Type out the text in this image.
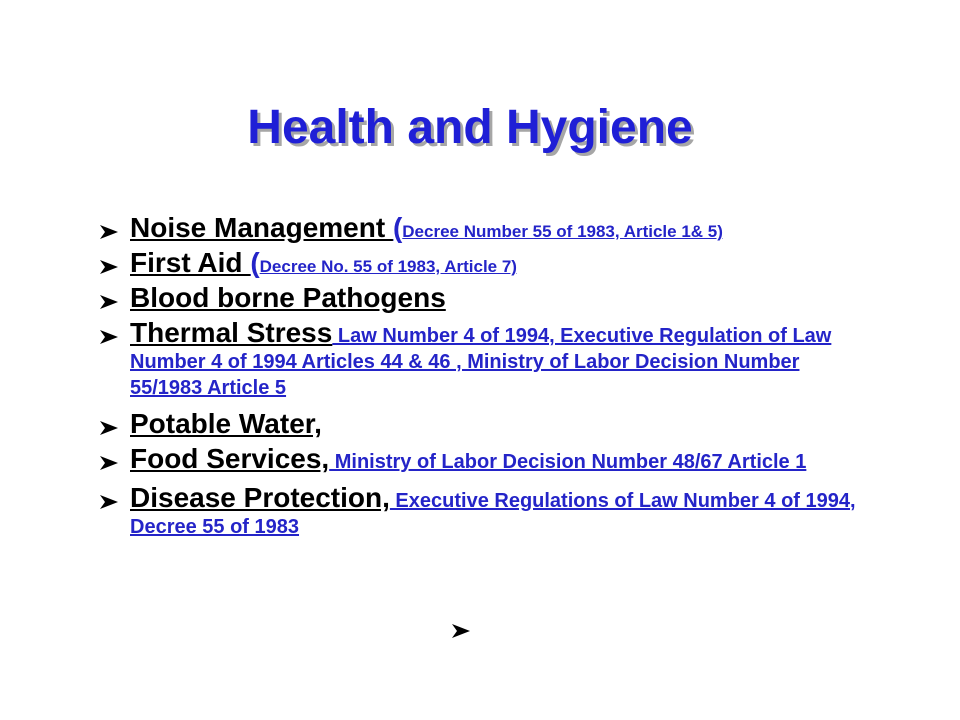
Health and Hygiene
Noise Management (Decree Number 55 of 1983, Article 1& 5)
First Aid (Decree No. 55 of 1983, Article 7)
Blood borne Pathogens
Thermal Stress Law Number 4 of 1994, Executive Regulation of Law Number 4 of 1994 Articles 44 & 46 , Ministry of Labor Decision Number 55/1983 Article 5
Potable Water,
Food Services, Ministry of Labor Decision Number 48/67 Article 1
Disease Protection, Executive Regulations of Law Number 4 of 1994, Decree 55 of 1983
